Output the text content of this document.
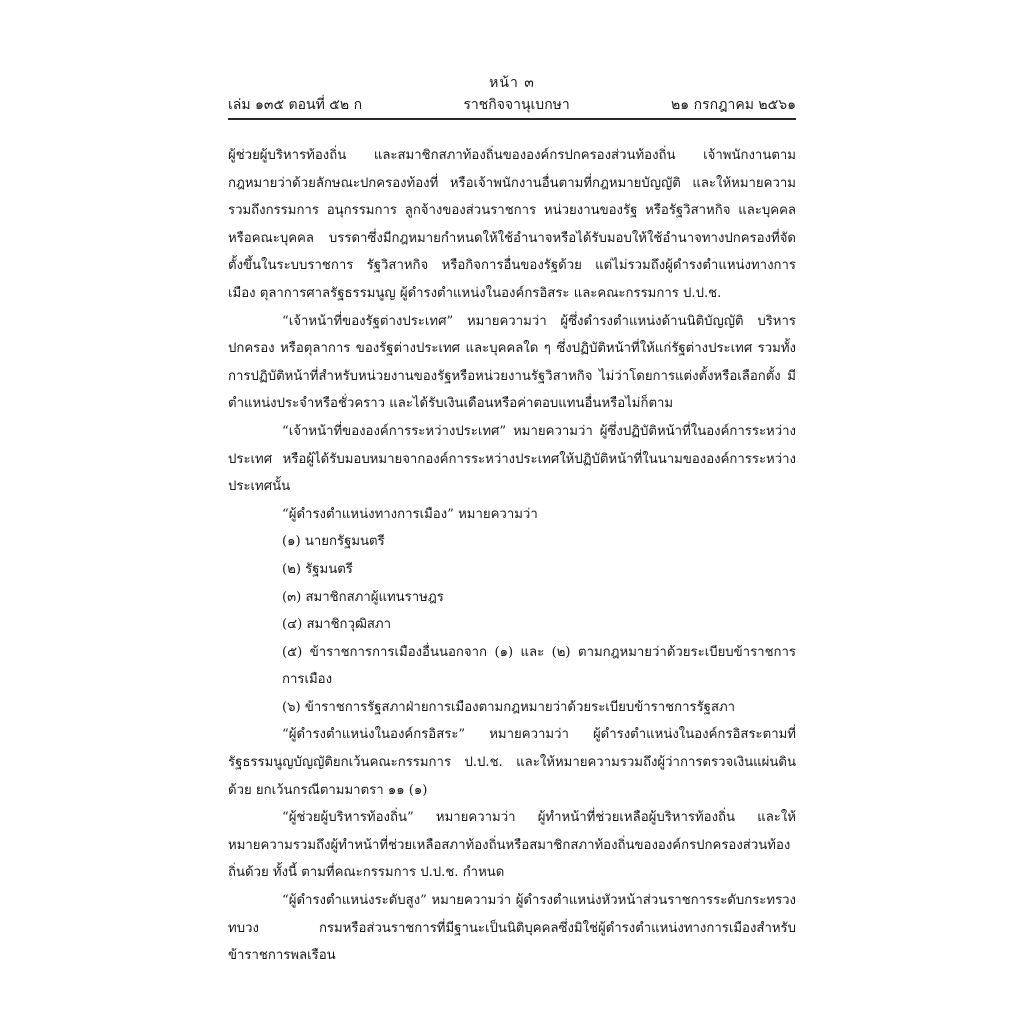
หน้า ๓
เล่ม ๑๓๕ ตอนที่ ๕๒ ก	ราชกิจจานุเบกษา	๒๑ กรกฎาคม ๒๕๖๑

ผู้ช่วยผู้บริหารท้องถิ่น และสมาชิกสภาท้องถิ่นขององค์กรปกครองส่วนท้องถิ่น เจ้าพนักงานตามกฎหมายว่าด้วยลักษณะปกครองท้องที่ หรือเจ้าพนักงานอื่นตามที่กฎหมายบัญญัติ และให้หมายความรวมถึงกรรมการ อนุกรรมการ ลูกจ้างของส่วนราชการ หน่วยงานของรัฐ หรือรัฐวิสาหกิจ และบุคคลหรือคณะบุคคล บรรดาซึ่งมีกฎหมายกำหนดให้ใช้อำนาจหรือได้รับมอบให้ใช้อำนาจทางปกครองที่จัดตั้งขึ้นในระบบราชการ รัฐวิสาหกิจ หรือกิจการอื่นของรัฐด้วย แต่ไม่รวมถึงผู้ดำรงตำแหน่งทางการเมือง ตุลาการศาลรัฐธรรมนูญ ผู้ดำรงตำแหน่งในองค์กรอิสระ และคณะกรรมการ ป.ป.ช.

“เจ้าหน้าที่ของรัฐต่างประเทศ” หมายความว่า ผู้ซึ่งดำรงตำแหน่งด้านนิติบัญญัติ บริหาร ปกครอง หรือตุลาการ ของรัฐต่างประเทศ และบุคคลใด ๆ ซึ่งปฏิบัติหน้าที่ให้แก่รัฐต่างประเทศ รวมทั้งการปฏิบัติหน้าที่สำหรับหน่วยงานของรัฐหรือหน่วยงานรัฐวิสาหกิจ ไม่ว่าโดยการแต่งตั้งหรือเลือกตั้ง มีตำแหน่งประจำหรือชั่วคราว และได้รับเงินเดือนหรือค่าตอบแทนอื่นหรือไม่ก็ตาม

“เจ้าหน้าที่ขององค์การระหว่างประเทศ” หมายความว่า ผู้ซึ่งปฏิบัติหน้าที่ในองค์การระหว่างประเทศ หรือผู้ได้รับมอบหมายจากองค์การระหว่างประเทศให้ปฏิบัติหน้าที่ในนามขององค์การระหว่างประเทศนั้น

“ผู้ดำรงตำแหน่งทางการเมือง” หมายความว่า

(๑) นายกรัฐมนตรี

(๒) รัฐมนตรี

(๓) สมาชิกสภาผู้แทนราษฎร

(๔) สมาชิกวุฒิสภา

(๕) ข้าราชการการเมืองอื่นนอกจาก (๑) และ (๒) ตามกฎหมายว่าด้วยระเบียบข้าราชการการเมือง

(๖) ข้าราชการรัฐสภาฝ่ายการเมืองตามกฎหมายว่าด้วยระเบียบข้าราชการรัฐสภา

“ผู้ดำรงตำแหน่งในองค์กรอิสระ” หมายความว่า ผู้ดำรงตำแหน่งในองค์กรอิสระตามที่รัฐธรรมนูญบัญญัติยกเว้นคณะกรรมการ ป.ป.ช. และให้หมายความรวมถึงผู้ว่าการตรวจเงินแผ่นดินด้วย ยกเว้นกรณีตามมาตรา ๑๑ (๑)

“ผู้ช่วยผู้บริหารท้องถิ่น” หมายความว่า ผู้ทำหน้าที่ช่วยเหลือผู้บริหารท้องถิ่น และให้หมายความรวมถึงผู้ทำหน้าที่ช่วยเหลือสภาท้องถิ่นหรือสมาชิกสภาท้องถิ่นขององค์กรปกครองส่วนท้องถิ่นด้วย ทั้งนี้ ตามที่คณะกรรมการ ป.ป.ช. กำหนด

“ผู้ดำรงตำแหน่งระดับสูง” หมายความว่า ผู้ดำรงตำแหน่งหัวหน้าส่วนราชการระดับกระทรวง ทบวง กรมหรือส่วนราชการที่มีฐานะเป็นนิติบุคคลซึ่งมิใช่ผู้ดำรงตำแหน่งทางการเมืองสำหรับข้าราชการพลเรือน
